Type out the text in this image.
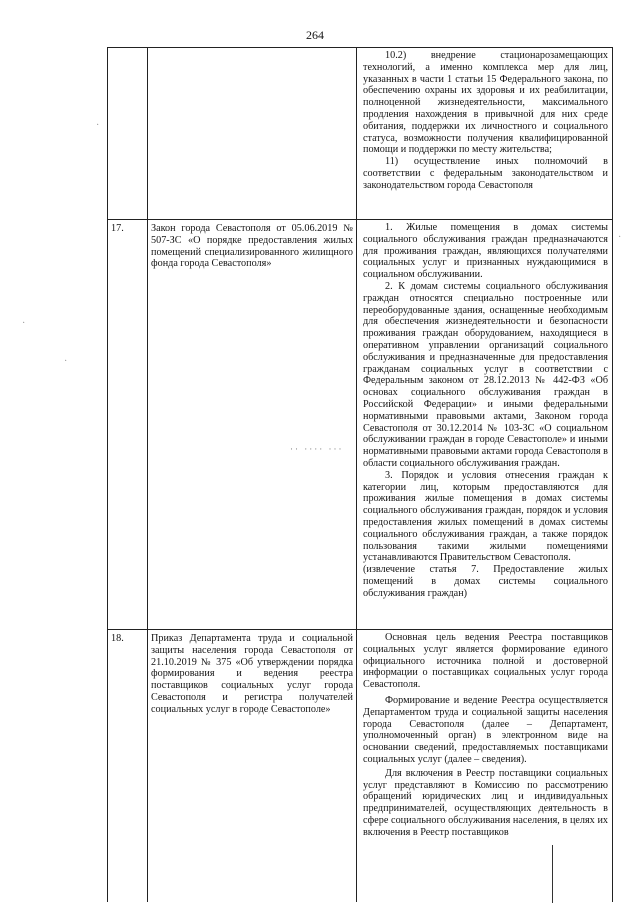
264

10.2) внедрение стационарозамещающих технологий, а именно комплекса мер для лиц, указанных в части 1 статьи 15 Федерального закона, по обеспечению охраны их здоровья и их реабилитации, полноценной жизнедеятельности, максимального продления нахождения в привычной для них среде обитания, поддержки их личностного и социального статуса, возможности получения квалифицированной помощи и поддержки по месту жительства;

11) осуществление иных полномочий в соответствии с федеральным законодательством и законодательством города Севастополя

17.	Закон города Севастополя от 05.06.2019 № 507-ЗС «О порядке предоставления жилых помещений специализированного жилищного фонда города Севастополя»

1. Жилые помещения в домах системы социального обслуживания граждан предназначаются для проживания граждан, являющихся получателями социальных услуг и признанных нуждающимися в социальном обслуживании.

2. К домам системы социального обслуживания граждан относятся специально построенные или переоборудованные здания, оснащенные необходимым для обеспечения жизнедеятельности и безопасности проживания граждан оборудованием, находящиеся в оперативном управлении организаций социального обслуживания и предназначенные для предоставления гражданам социальных услуг в соответствии с Федеральным законом от 28.12.2013 № 442-ФЗ «Об основах социального обслуживания граждан в Российской Федерации» и иными федеральными нормативными правовыми актами, Законом города Севастополя от 30.12.2014 № 103-ЗС «О социальном обслуживании граждан в городе Севастополе» и иными нормативными правовыми актами города Севастополя в области социального обслуживания граждан.

3. Порядок и условия отнесения граждан к категории лиц, которым предоставляются для проживания жилые помещения в домах системы социального обслуживания граждан, порядок и условия предоставления жилых помещений в домах системы социального обслуживания граждан, а также порядок пользования такими жилыми помещениями устанавливаются Правительством Севастополя.

(извлечение статья 7. Предоставление жилых помещений в домах системы социального обслуживания граждан)

·· ···· ···
18.	Приказ Департамента труда и социальной защиты населения города Севастополя от 21.10.2019 № 375 «Об утверждении порядка формирования и ведения реестра поставщиков социальных услуг города Севастополя и регистра получателей социальных услуг в городе Севастополе»

Основная цель ведения Реестра поставщиков социальных услуг является формирование единого официального источника полной и достоверной информации о поставщиках социальных услуг города Севастополя.

Формирование и ведение Реестра осуществляется Департаментом труда и социальной защиты населения города Севастополя (далее – Департамент, уполномоченный орган) в электронном виде на основании сведений, предоставляемых поставщиками социальных услуг (далее – сведения).

Для включения в Реестр поставщики социальных услуг представляют в Комиссию по рассмотрению обращений юридических лиц и индивидуальных предпринимателей, осуществляющих деятельность в сфере социального обслуживания населения, в целях их включения в Реестр поставщиков

·
·
·
·
